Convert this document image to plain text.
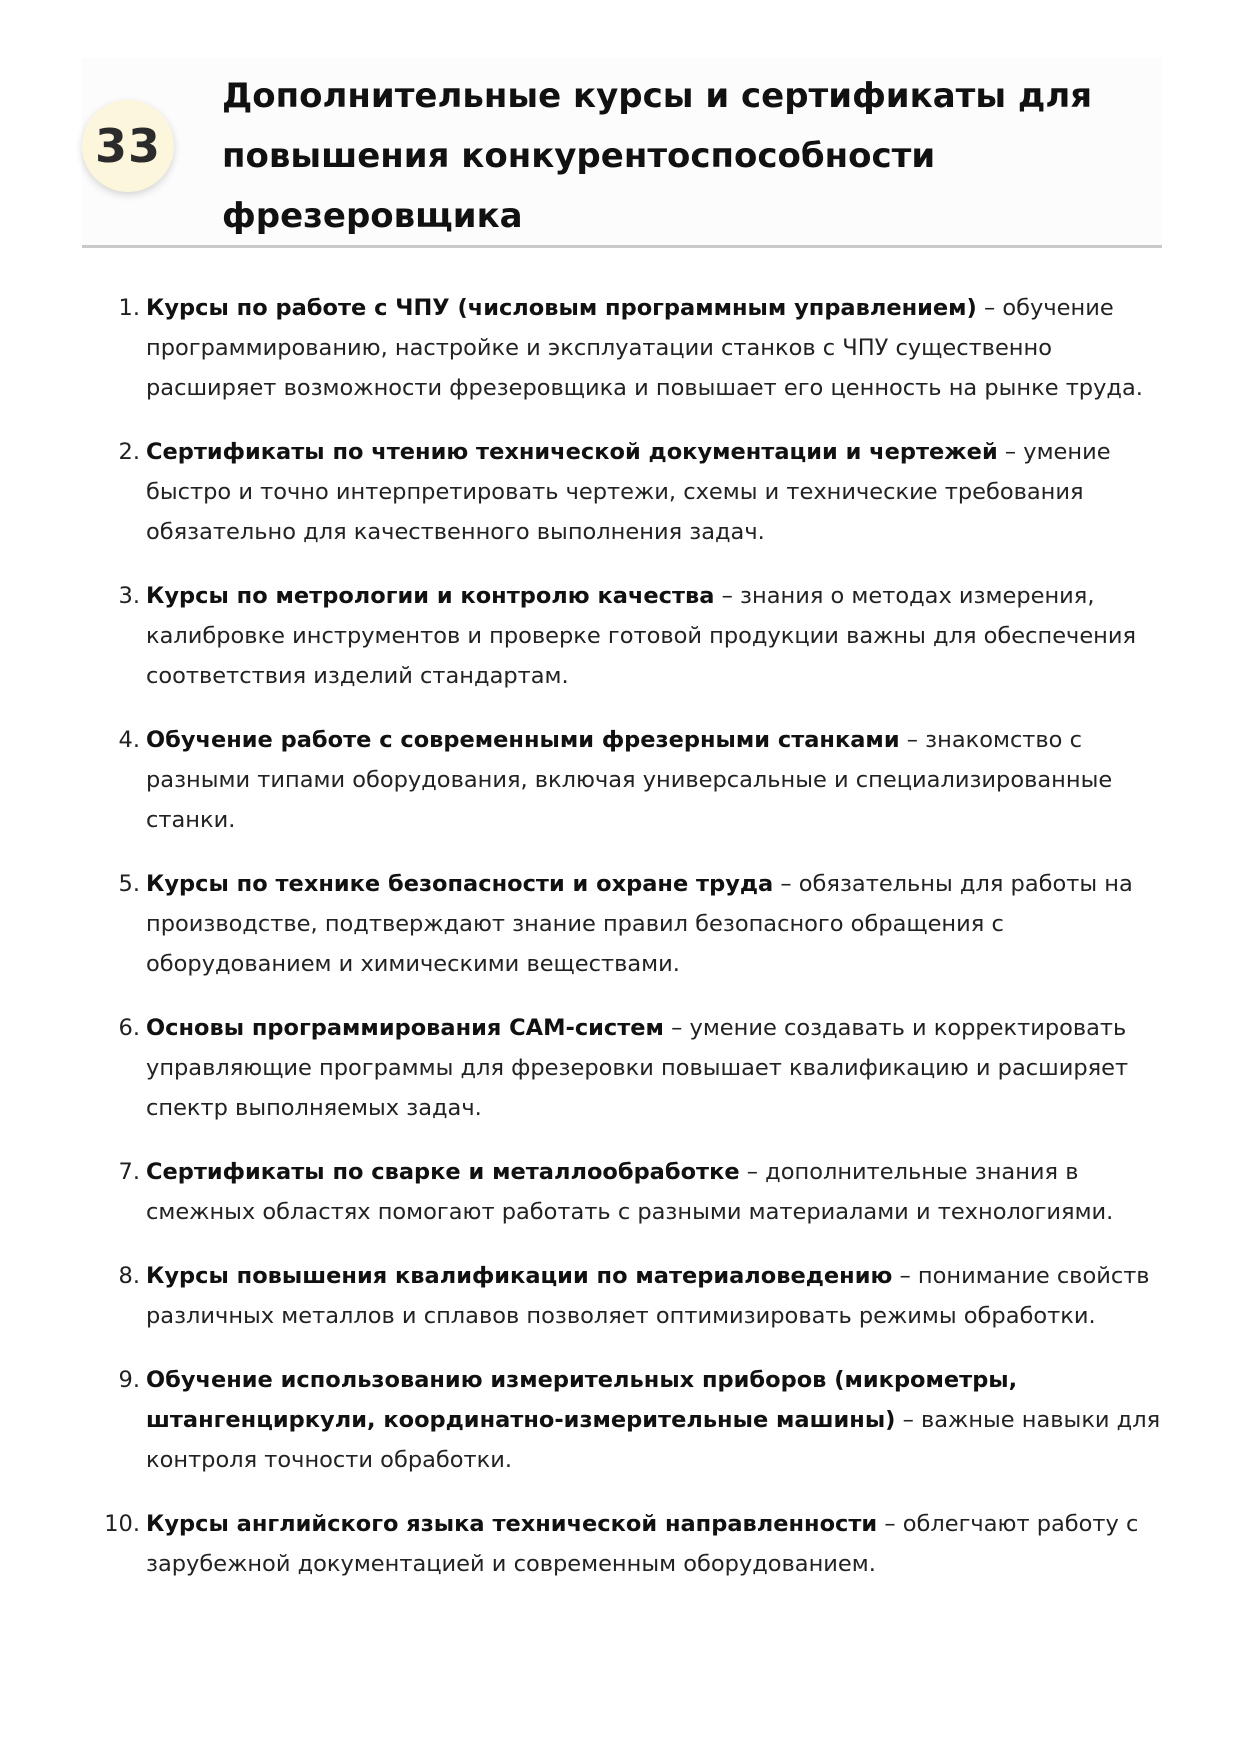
33
Дополнительные курсы и сертификаты для повышения конкурентоспособности фрезеровщика
1. Курсы по работе с ЧПУ (числовым программным управлением) – обучение программированию, настройке и эксплуатации станков с ЧПУ существенно расширяет возможности фрезеровщика и повышает его ценность на рынке труда.
2. Сертификаты по чтению технической документации и чертежей – умение быстро и точно интерпретировать чертежи, схемы и технические требования обязательно для качественного выполнения задач.
3. Курсы по метрологии и контролю качества – знания о методах измерения, калибровке инструментов и проверке готовой продукции важны для обеспечения соответствия изделий стандартам.
4. Обучение работе с современными фрезерными станками – знакомство с разными типами оборудования, включая универсальные и специализированные станки.
5. Курсы по технике безопасности и охране труда – обязательны для работы на производстве, подтверждают знание правил безопасного обращения с оборудованием и химическими веществами.
6. Основы программирования CAM-систем – умение создавать и корректировать управляющие программы для фрезеровки повышает квалификацию и расширяет спектр выполняемых задач.
7. Сертификаты по сварке и металлообработке – дополнительные знания в смежных областях помогают работать с разными материалами и технологиями.
8. Курсы повышения квалификации по материаловедению – понимание свойств различных металлов и сплавов позволяет оптимизировать режимы обработки.
9. Обучение использованию измерительных приборов (микрометры, штангенциркули, координатно-измерительные машины) – важные навыки для контроля точности обработки.
10. Курсы английского языка технической направленности – облегчают работу с зарубежной документацией и современным оборудованием.
